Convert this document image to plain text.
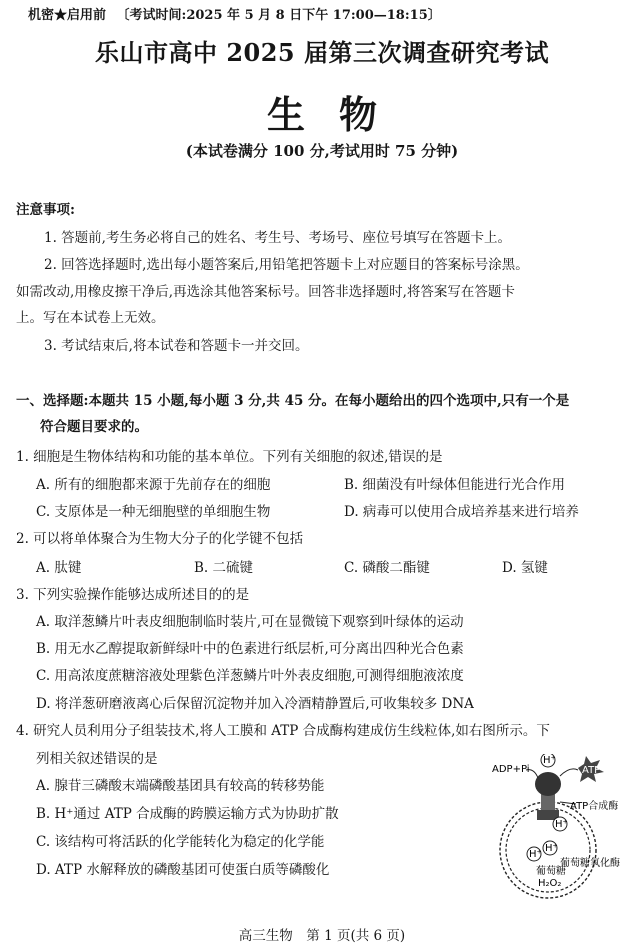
机密★启用前 〔考试时间:2025 年 5 月 8 日下午 17:00—18:15〕
乐山市高中 2025 届第三次调查研究考试
生物
(本试卷满分 100 分,考试用时 75 分钟)
注意事项:
1. 答题前,考生务必将自己的姓名、考生号、考场号、座位号填写在答题卡上。
2. 回答选择题时,选出每小题答案后,用铅笔把答题卡上对应题目的答案标号涂黑。
如需改动,用橡皮擦干净后,再选涂其他答案标号。回答非选择题时,将答案写在答题卡
上。写在本试卷上无效。
3. 考试结束后,将本试卷和答题卡一并交回。
一、选择题:本题共 15 小题,每小题 3 分,共 45 分。在每小题给出的四个选项中,只有一个是
符合题目要求的。
1. 细胞是生物体结构和功能的基本单位。下列有关细胞的叙述,错误的是
A. 所有的细胞都来源于先前存在的细胞	B. 细菌没有叶绿体但能进行光合作用
C. 支原体是一种无细胞壁的单细胞生物	D. 病毒可以使用合成培养基来进行培养
2. 可以将单体聚合为生物大分子的化学键不包括
A. 肽键	B. 二硫键	C. 磷酸二酯键	D. 氢键
3. 下列实验操作能够达成所述目的的是
A. 取洋葱鳞片叶表皮细胞制临时装片,可在显微镜下观察到叶绿体的运动
B. 用无水乙醇提取新鲜绿叶中的色素进行纸层析,可分离出四种光合色素
C. 用高浓度蔗糖溶液处理紫色洋葱鳞片叶外表皮细胞,可测得细胞液浓度
D. 将洋葱研磨液离心后保留沉淀物并加入冷酒精静置后,可收集较多 DNA
4. 研究人员利用分子组装技术,将人工膜和 ATP 合成酶构建成仿生线粒体,如右图所示。下
列相关叙述错误的是
A. 腺苷三磷酸末端磷酸基团具有较高的转移势能
B. H⁺通过 ATP 合成酶的跨膜运输方式为协助扩散
C. 该结构可将活跃的化学能转化为稳定的化学能
D. ATP 水解释放的磷酸基团可使蛋白质等磷酸化
ADP+Pi
H⁺
ATP
ATP合成酶
H⁺
H⁺
H⁺
葡萄糖氧化酶
葡萄糖
H₂O₂
高三生物　第 1 页(共 6 页)
